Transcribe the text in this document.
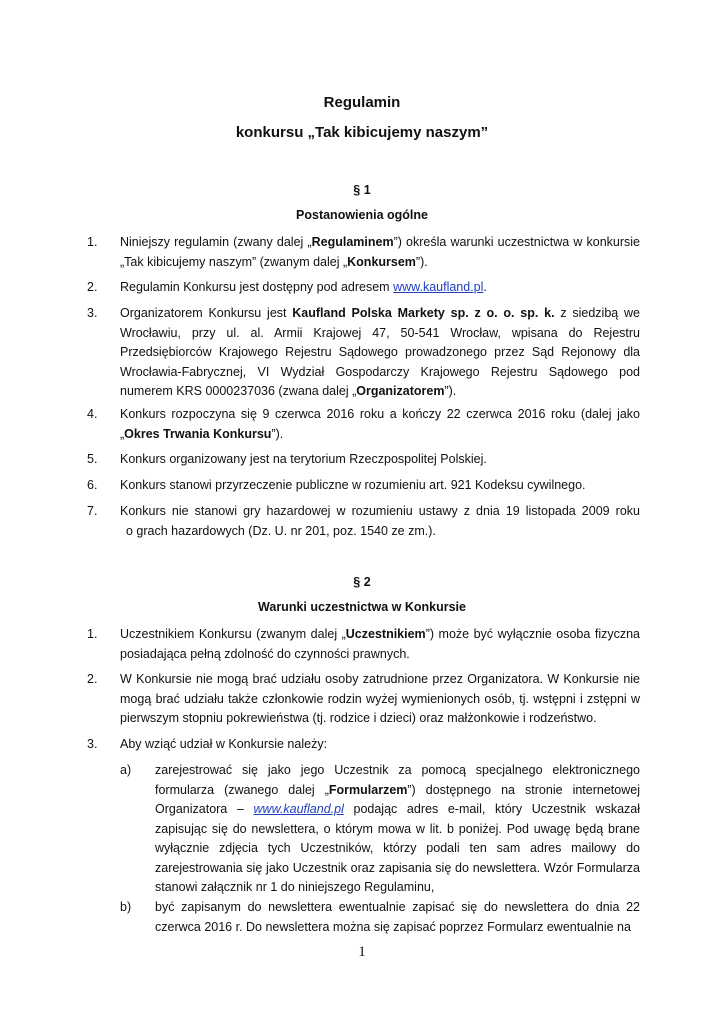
Regulamin
konkursu „Tak kibicujemy naszym”
§ 1
Postanowienia ogólne
1.	Niniejszy regulamin (zwany dalej „Regulaminem”) określa warunki uczestnictwa w konkursie „Tak kibicujemy naszym” (zwanym dalej „Konkursem”).
2.	Regulamin Konkursu jest dostępny pod adresem www.kaufland.pl.
3.	Organizatorem Konkursu jest Kaufland Polska Markety sp. z o. o. sp. k. z siedzibą we Wrocławiu, przy ul. al. Armii Krajowej 47, 50-541 Wrocław, wpisana do Rejestru Przedsiębiorców Krajowego Rejestru Sądowego prowadzonego przez Sąd Rejonowy dla Wrocławia-Fabrycznej, VI Wydział Gospodarczy Krajowego Rejestru Sądowego pod numerem KRS 0000237036 (zwana dalej „Organizatorem”).
4.	Konkurs rozpoczyna się 9 czerwca 2016 roku a kończy 22 czerwca 2016 roku (dalej jako „Okres Trwania Konkursu”).
5.	Konkurs organizowany jest na terytorium Rzeczpospolitej Polskiej.
6.	Konkurs stanowi przyrzeczenie publiczne w rozumieniu art. 921 Kodeksu cywilnego.
7.	Konkurs nie stanowi gry hazardowej w rozumieniu ustawy z dnia 19 listopada 2009 roku
o grach hazardowych (Dz. U. nr 201, poz. 1540 ze zm.).
§ 2
Warunki uczestnictwa w Konkursie
1.	Uczestnikiem Konkursu (zwanym dalej „Uczestnikiem”) może być wyłącznie osoba fizyczna posiadająca pełną zdolność do czynności prawnych.
2.	W Konkursie nie mogą brać udziału osoby zatrudnione przez Organizatora. W Konkursie nie mogą brać udziału także członkowie rodzin wyżej wymienionych osób, tj. wstępni i zstępni w pierwszym stopniu pokrewieństwa (tj. rodzice i dzieci) oraz małżonkowie i rodzeństwo.
3.	Aby wziąć udział w Konkursie należy:
a)	zarejestrować się jako jego Uczestnik za pomocą specjalnego elektronicznego formularza (zwanego dalej „Formularzem”) dostępnego na stronie internetowej Organizatora – www.kaufland.pl podając adres e-mail, który Uczestnik wskazał zapisując się do newslettera, o którym mowa w lit. b poniżej. Pod uwagę będą brane wyłącznie zdjęcia tych Uczestników, którzy podali ten sam adres mailowy do zarejestrowania się jako Uczestnik oraz zapisania się do newslettera. Wzór Formularza stanowi załącznik nr 1 do niniejszego Regulaminu,
b)	być zapisanym do newslettera ewentualnie zapisać się do newslettera do dnia 22 czerwca 2016 r. Do newslettera można się zapisać poprzez Formularz ewentualnie na
1
